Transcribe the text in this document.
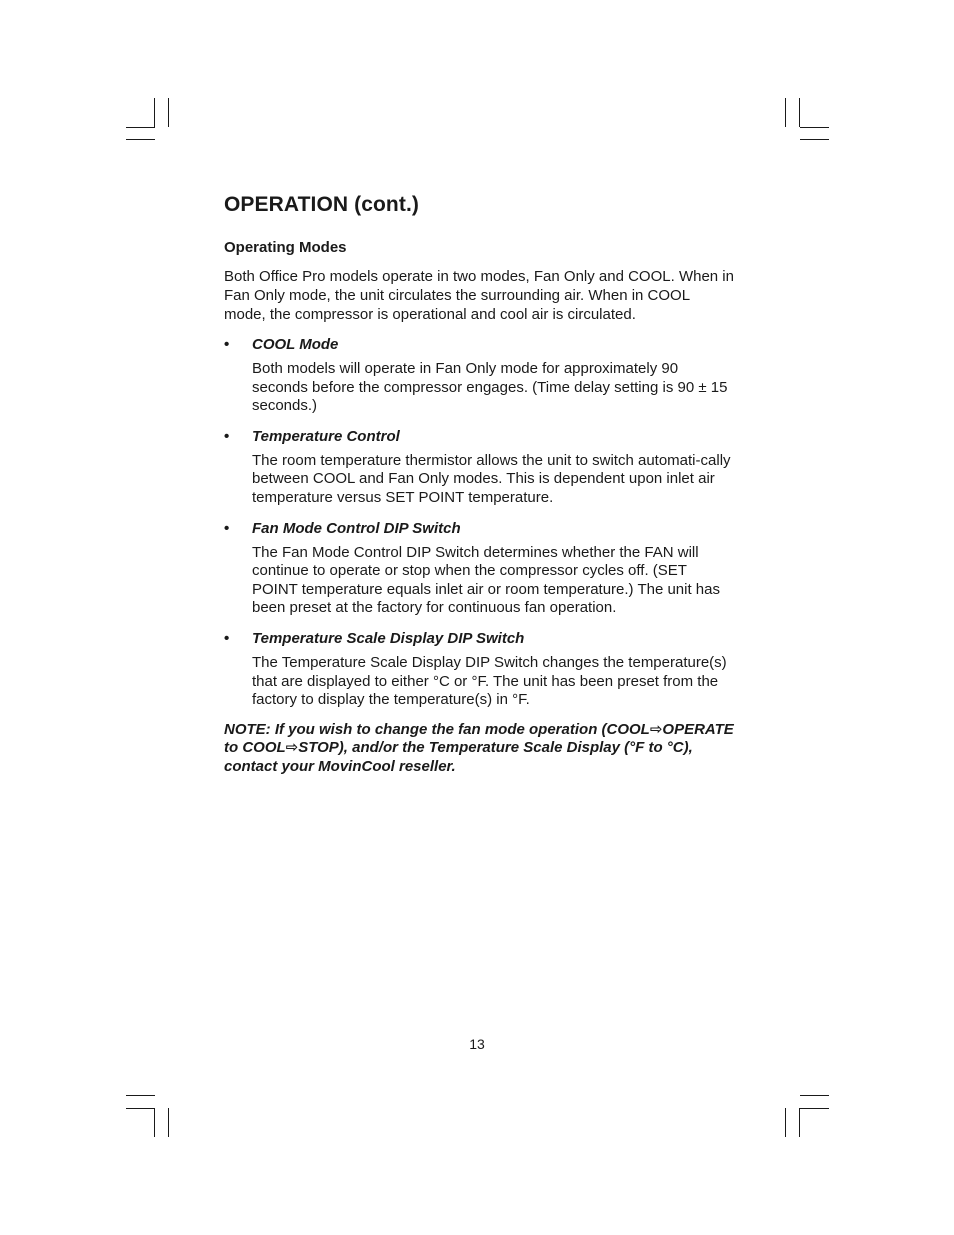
OPERATION (cont.)
Operating Modes

Both Office Pro models operate in two modes, Fan Only and COOL. When in Fan Only mode, the unit circulates the surrounding air. When in COOL mode, the compressor is operational and cool air is circulated.

•	COOL Mode
Both models will operate in Fan Only mode for approximately 90 seconds before the compressor engages. (Time delay setting is 90 ± 15 seconds.)
•	Temperature Control
The room temperature thermistor allows the unit to switch automati-cally between COOL and Fan Only modes. This is dependent upon inlet air temperature versus SET POINT temperature.
•	Fan Mode Control DIP Switch
The Fan Mode Control DIP Switch determines whether the FAN will continue to operate or stop when the compressor cycles off. (SET POINT temperature equals inlet air or room temperature.) The unit has been preset at the factory for continuous fan operation.
•	Temperature Scale Display DIP Switch
The Temperature Scale Display DIP Switch changes the temperature(s) that are displayed to either °C or °F. The unit has been preset from the factory to display the temperature(s) in °F.
NOTE: If you wish to change the fan mode operation (COOL⇨OPERATE to COOL⇨STOP), and/or the Temperature Scale Display (°F to °C), contact your MovinCool reseller.
13
